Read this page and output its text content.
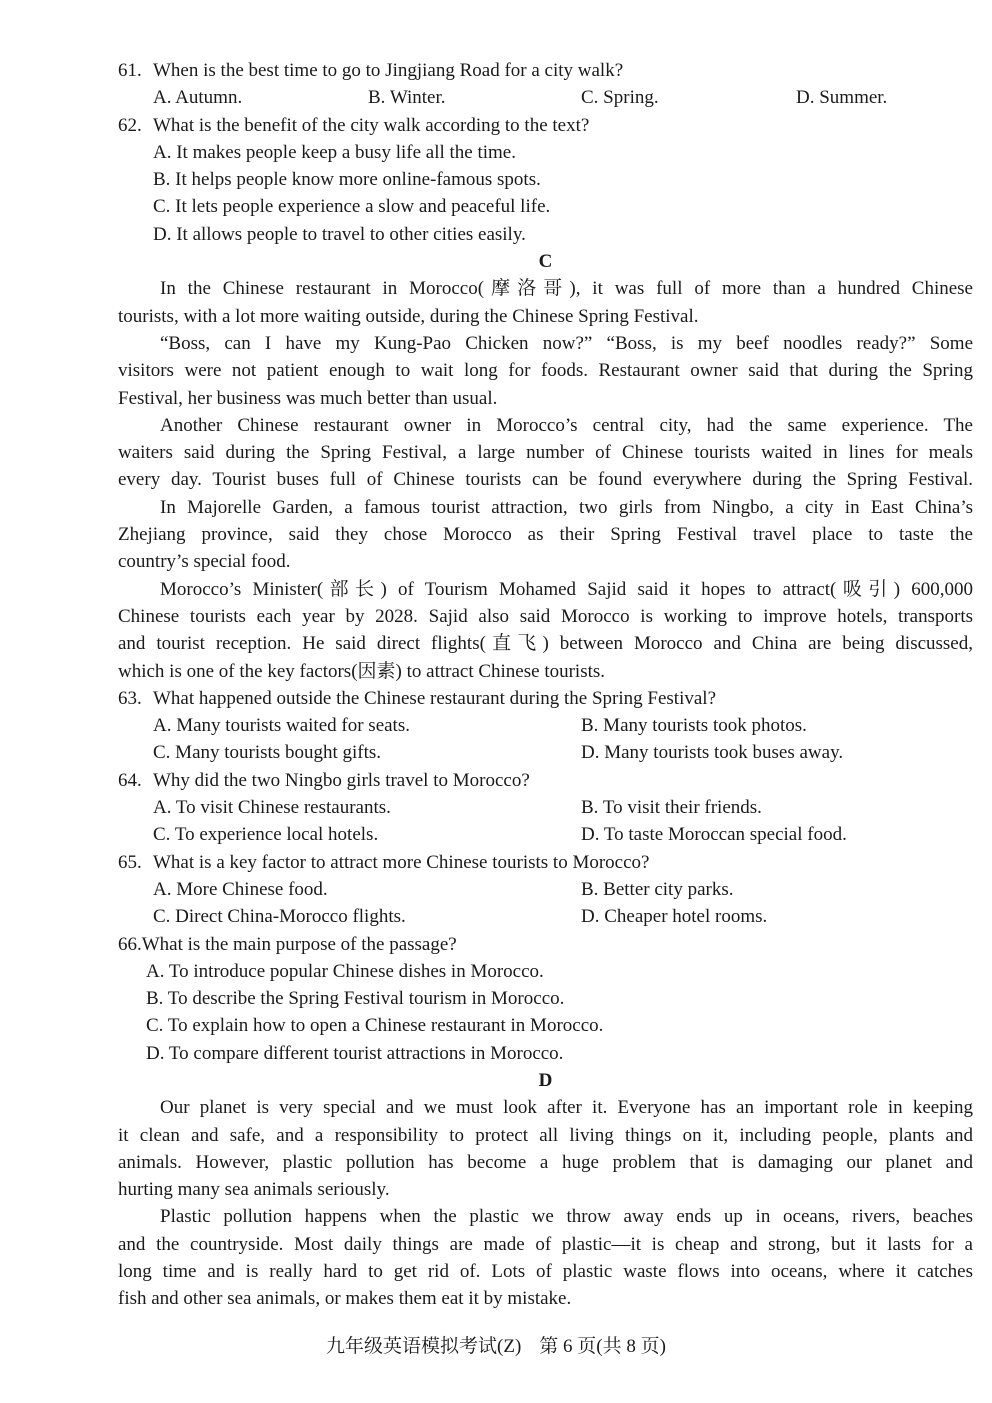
61. When is the best time to go to Jingjiang Road for a city walk?
A. Autumn.	B. Winter.	C. Spring.	D. Summer.
62. What is the benefit of the city walk according to the text?
A. It makes people keep a busy life all the time.
B. It helps people know more online-famous spots.
C. It lets people experience a slow and peaceful life.
D. It allows people to travel to other cities easily.
C
In the Chinese restaurant in Morocco(摩洛哥), it was full of more than a hundred Chinese
tourists, with a lot more waiting outside, during the Chinese Spring Festival.
“Boss, can I have my Kung-Pao Chicken now?” “Boss, is my beef noodles ready?” Some
visitors were not patient enough to wait long for foods. Restaurant owner said that during the Spring
Festival, her business was much better than usual.
Another Chinese restaurant owner in Morocco’s central city, had the same experience. The
waiters said during the Spring Festival, a large number of Chinese tourists waited in lines for meals
every day. Tourist buses full of Chinese tourists can be found everywhere during the Spring Festival.
In Majorelle Garden, a famous tourist attraction, two girls from Ningbo, a city in East China’s
Zhejiang province, said they chose Morocco as their Spring Festival travel place to taste the
country’s special food.
Morocco’s Minister(部长) of Tourism Mohamed Sajid said it hopes to attract(吸引) 600,000
Chinese tourists each year by 2028. Sajid also said Morocco is working to improve hotels, transports
and tourist reception. He said direct flights(直飞) between Morocco and China are being discussed,
which is one of the key factors(因素) to attract Chinese tourists.
63. What happened outside the Chinese restaurant during the Spring Festival?
A. Many tourists waited for seats.	B. Many tourists took photos.
C. Many tourists bought gifts.	D. Many tourists took buses away.
64. Why did the two Ningbo girls travel to Morocco?
A. To visit Chinese restaurants.	B. To visit their friends.
C. To experience local hotels.	D. To taste Moroccan special food.
65. What is a key factor to attract more Chinese tourists to Morocco?
A. More Chinese food.	B. Better city parks.
C. Direct China-Morocco flights.	D. Cheaper hotel rooms.
66.What is the main purpose of the passage?
A. To introduce popular Chinese dishes in Morocco.
B. To describe the Spring Festival tourism in Morocco.
C. To explain how to open a Chinese restaurant in Morocco.
D. To compare different tourist attractions in Morocco.
D
Our planet is very special and we must look after it. Everyone has an important role in keeping
it clean and safe, and a responsibility to protect all living things on it, including people, plants and
animals. However, plastic pollution has become a huge problem that is damaging our planet and
hurting many sea animals seriously.
Plastic pollution happens when the plastic we throw away ends up in oceans, rivers, beaches
and the countryside. Most daily things are made of plastic—it is cheap and strong, but it lasts for a
long time and is really hard to get rid of. Lots of plastic waste flows into oceans, where it catches
fish and other sea animals, or makes them eat it by mistake.
九年级英语模拟考试(Z) 第 6 页(共 8 页)
